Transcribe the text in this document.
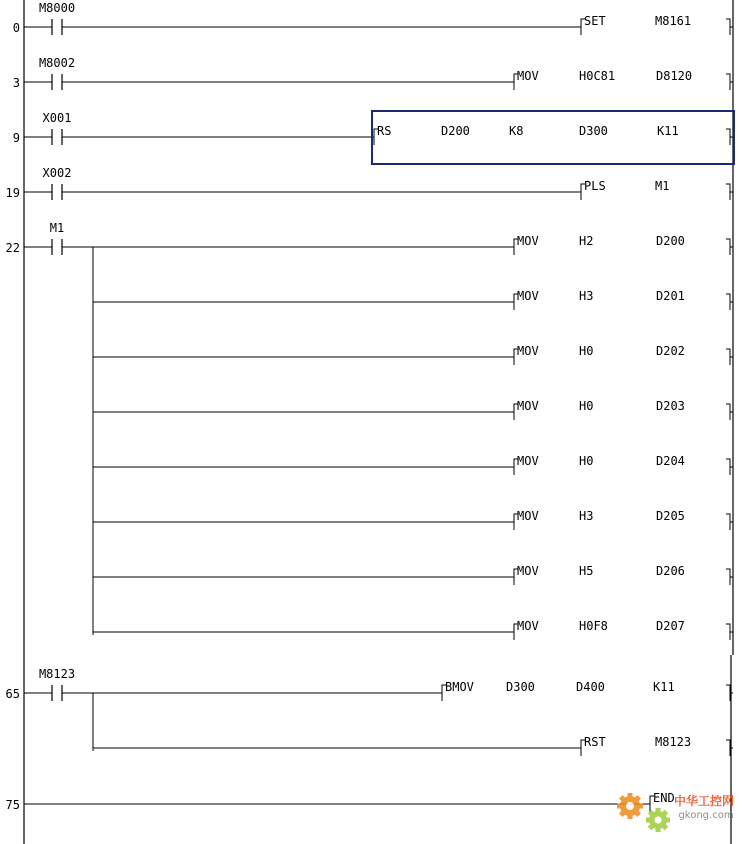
0
M8000
SET	M8161
3
M8002
MOV	H0C81	D8120
9
X001
RS	D200	K8	D300	K11
19
X002
PLS	M1
22
M1
MOV	H2	D200
MOV	H3	D201
MOV	H0	D202
MOV	H0	D203
MOV	H0	D204
MOV	H3	D205
MOV	H5	D206
MOV	H0F8	D207
65
M8123
BMOV	D300	D400	K11
RST	M8123
75	END 中华工控网
gkong.com
